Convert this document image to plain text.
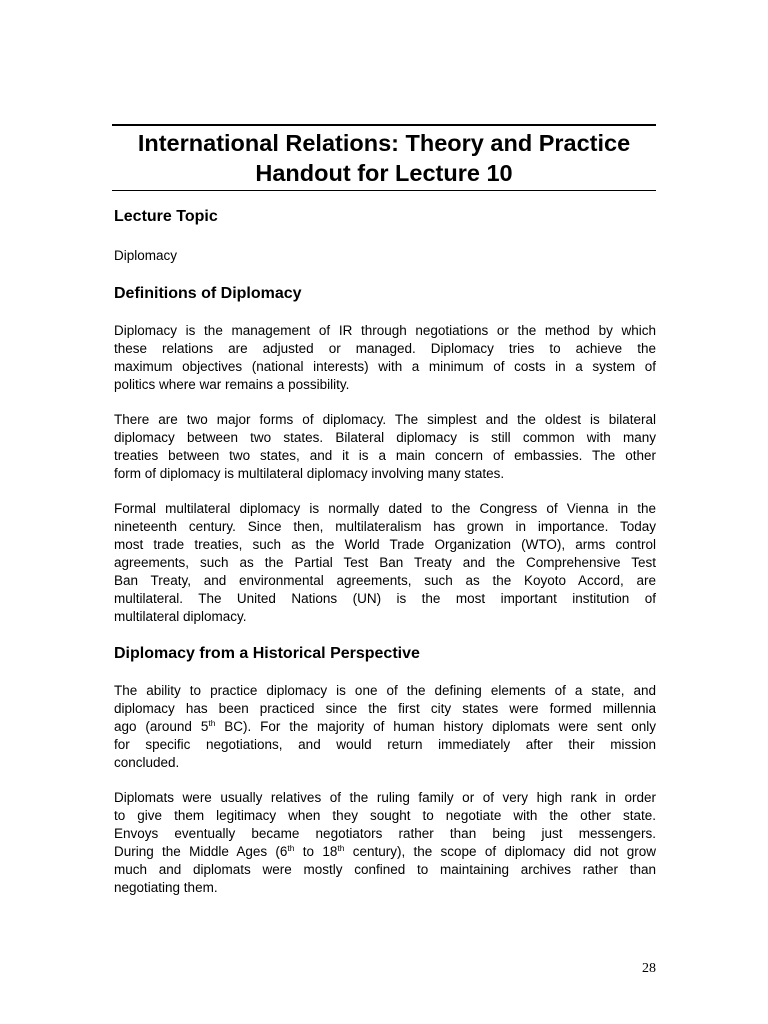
International Relations: Theory and Practice
Handout for Lecture 10
Lecture Topic
Diplomacy
Definitions of Diplomacy
Diplomacy is the management of IR through negotiations or the method by which
these relations are adjusted or managed. Diplomacy tries to achieve the
maximum objectives (national interests) with a minimum of costs in a system of
politics where war remains a possibility.
There are two major forms of diplomacy. The simplest and the oldest is bilateral
diplomacy between two states. Bilateral diplomacy is still common with many
treaties between two states, and it is a main concern of embassies. The other
form of diplomacy is multilateral diplomacy involving many states.
Formal multilateral diplomacy is normally dated to the Congress of Vienna in the
nineteenth century. Since then, multilateralism has grown in importance. Today
most trade treaties, such as the World Trade Organization (WTO), arms control
agreements, such as the Partial Test Ban Treaty and the Comprehensive Test
Ban Treaty, and environmental agreements, such as the Koyoto Accord, are
multilateral. The United Nations (UN) is the most important institution of
multilateral diplomacy.
Diplomacy from a Historical Perspective
The ability to practice diplomacy is one of the defining elements of a state, and
diplomacy has been practiced since the first city states were formed millennia
ago (around 5th BC). For the majority of human history diplomats were sent only
for specific negotiations, and would return immediately after their mission
concluded.
Diplomats were usually relatives of the ruling family or of very high rank in order
to give them legitimacy when they sought to negotiate with the other state.
Envoys eventually became negotiators rather than being just messengers.
During the Middle Ages (6th to 18th century), the scope of diplomacy did not grow
much and diplomats were mostly confined to maintaining archives rather than
negotiating them.
28
